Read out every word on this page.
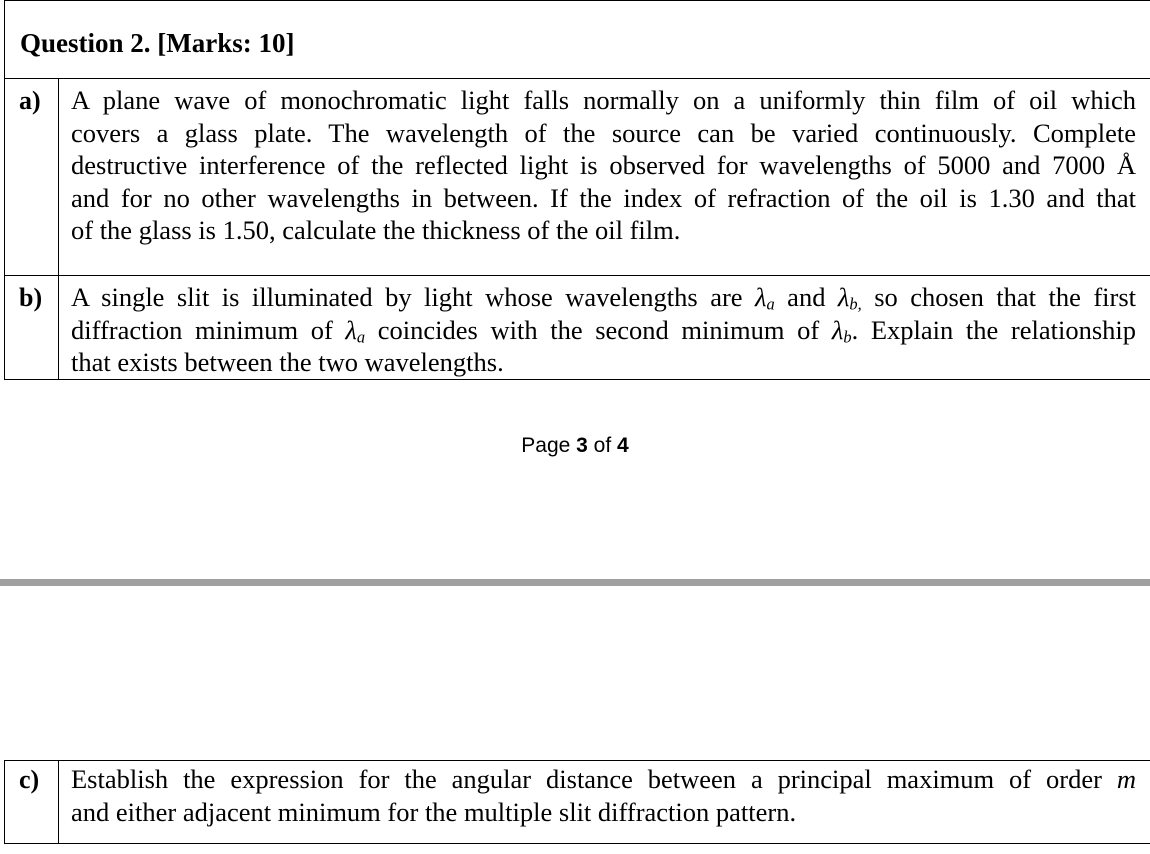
Question 2. [Marks: 10]	

a)	A plane wave of monochromatic light falls normally on a uniformly thin film of oil which
covers a glass plate. The wavelength of the source can be varied continuously. Complete
destructive interference of the reflected light is observed for wavelengths of 5000 and 7000 Å
and for no other wavelengths in between. If the index of refraction of the oil is 1.30 and that
of the glass is 1.50, calculate the thickness of the oil film.

b)	A single slit is illuminated by light whose wavelengths are $\lambda_a$ and $\lambda_{b,}$ so chosen that the first
diffraction minimum of $\lambda_a$ coincides with the second minimum of $\lambda_b$. Explain the relationship
that exists between the two wavelengths.
Page 3 of 4
c)	Establish the expression for the angular distance between a principal maximum of order m
and either adjacent minimum for the multiple slit diffraction pattern.
